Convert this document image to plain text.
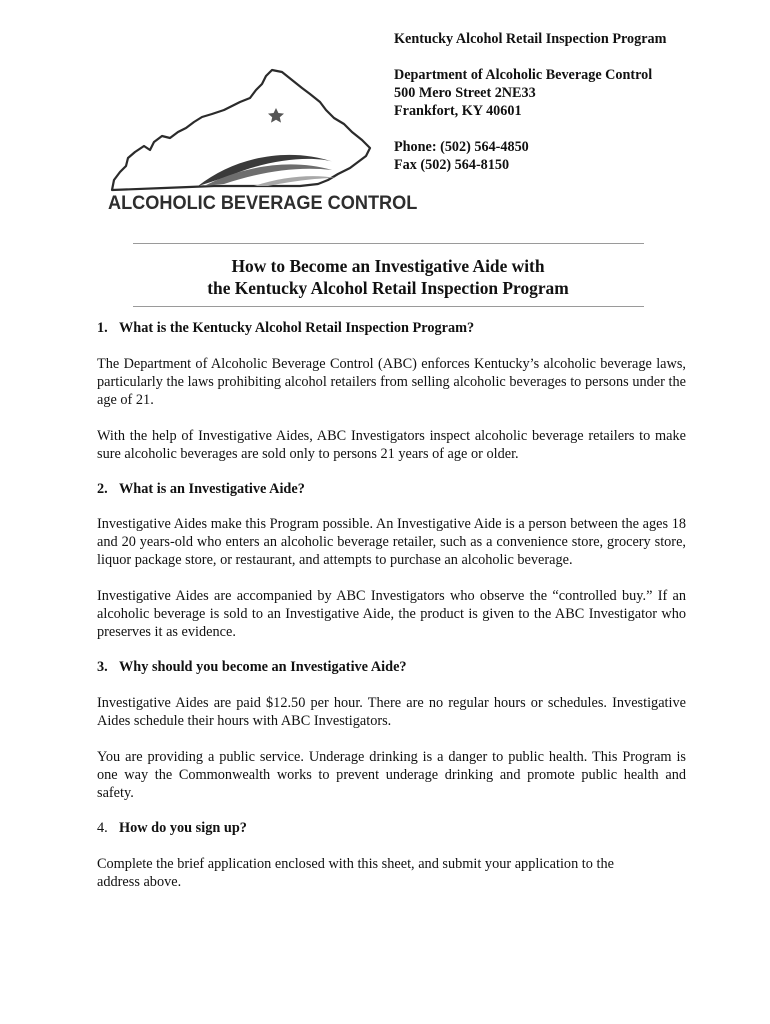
ALCOHOLIC BEVERAGE CONTROL
Kentucky Alcohol Retail Inspection Program
Department of Alcoholic Beverage Control
500 Mero Street 2NE33
Frankfort, KY 40601
Phone: (502) 564-4850
Fax (502) 564-8150
How to Become an Investigative Aide with
the Kentucky Alcohol Retail Inspection Program
1. What is the Kentucky Alcohol Retail Inspection Program?
The Department of Alcoholic Beverage Control (ABC) enforces Kentucky’s alcoholic beverage laws, particularly the laws prohibiting alcohol retailers from selling alcoholic beverages to persons under the age of 21.
With the help of Investigative Aides, ABC Investigators inspect alcoholic beverage retailers to make sure alcoholic beverages are sold only to persons 21 years of age or older.
2. What is an Investigative Aide?
Investigative Aides make this Program possible. An Investigative Aide is a person between the ages 18 and 20 years-old who enters an alcoholic beverage retailer, such as a convenience store, grocery store, liquor package store, or restaurant, and attempts to purchase an alcoholic beverage.
Investigative Aides are accompanied by ABC Investigators who observe the “controlled buy.” If an alcoholic beverage is sold to an Investigative Aide, the product is given to the ABC Investigator who preserves it as evidence.
3. Why should you become an Investigative Aide?
Investigative Aides are paid $12.50 per hour. There are no regular hours or schedules. Investigative Aides schedule their hours with ABC Investigators.
You are providing a public service. Underage drinking is a danger to public health. This Program is one way the Commonwealth works to prevent underage drinking and promote public health and safety.
4. How do you sign up?
Complete the brief application enclosed with this sheet, and submit your application to the address above.
